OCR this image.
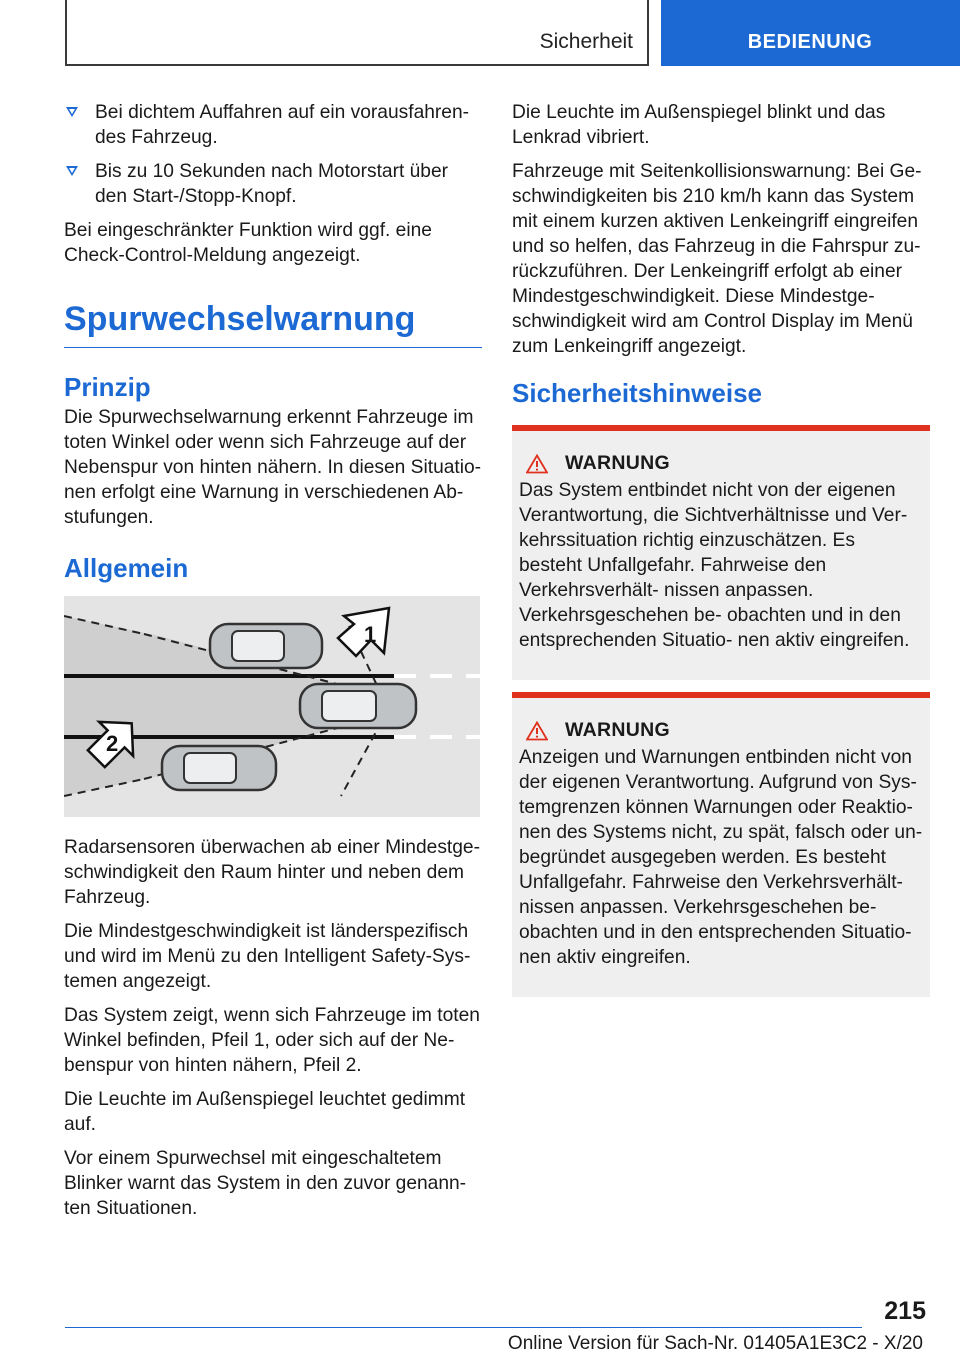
Sicherheit	BEDIENUNG
Bei dichtem Auffahren auf ein vorausfahren‐ des Fahrzeug.
Bis zu 10 Sekunden nach Motorstart über den Start-/Stopp-Knopf.

Bei eingeschränkter Funktion wird ggf. eine Check-Control-Meldung angezeigt.

Spurwechselwarnung
Prinzip

Die Spurwechselwarnung erkennt Fahrzeuge im toten Winkel oder wenn sich Fahrzeuge auf der Nebenspur von hinten nähern. In diesen Situatio‐ nen erfolgt eine Warnung in verschiedenen Ab‐ stufungen.

Allgemein
1
2

Radarsensoren überwachen ab einer Mindestge‐ schwindigkeit den Raum hinter und neben dem Fahrzeug.

Die Mindestgeschwindigkeit ist länderspezifisch und wird im Menü zu den Intelligent Safety-Sys‐ temen angezeigt.

Das System zeigt, wenn sich Fahrzeuge im toten Winkel befinden, Pfeil 1, oder sich auf der Ne‐ benspur von hinten nähern, Pfeil 2.

Die Leuchte im Außenspiegel leuchtet gedimmt auf.

Vor einem Spurwechsel mit eingeschaltetem Blinker warnt das System in den zuvor genann‐ ten Situationen.

Die Leuchte im Außenspiegel blinkt und das Lenkrad vibriert.

Fahrzeuge mit Seitenkollisionswarnung: Bei Ge‐ schwindigkeiten bis 210 km/h kann das System mit einem kurzen aktiven Lenkeingriff eingreifen und so helfen, das Fahrzeug in die Fahrspur zu‐ rückzuführen. Der Lenkeingriff erfolgt ab einer Mindestgeschwindigkeit. Diese Mindestge‐ schwindigkeit wird am Control Display im Menü zum Lenkeingriff angezeigt.

Sicherheitshinweise
WARNUNG

Das System entbindet nicht von der eigenen Verantwortung, die Sichtverhältnisse und Ver‐ kehrssituation richtig einzuschätzen. Es besteht Unfallgefahr. Fahrweise den Verkehrsverhält‐ nissen anpassen. Verkehrsgeschehen be‐ obachten und in den entsprechenden Situatio‐ nen aktiv eingreifen.

WARNUNG

Anzeigen und Warnungen entbinden nicht von der eigenen Verantwortung. Aufgrund von Sys‐ temgrenzen können Warnungen oder Reaktio‐ nen des Systems nicht, zu spät, falsch oder un‐ begründet ausgegeben werden. Es besteht Unfallgefahr. Fahrweise den Verkehrsverhält‐ nissen anpassen. Verkehrsgeschehen be‐ obachten und in den entsprechenden Situatio‐ nen aktiv eingreifen.

215
Online Version für Sach-Nr. 01405A1E3C2 - X/20
